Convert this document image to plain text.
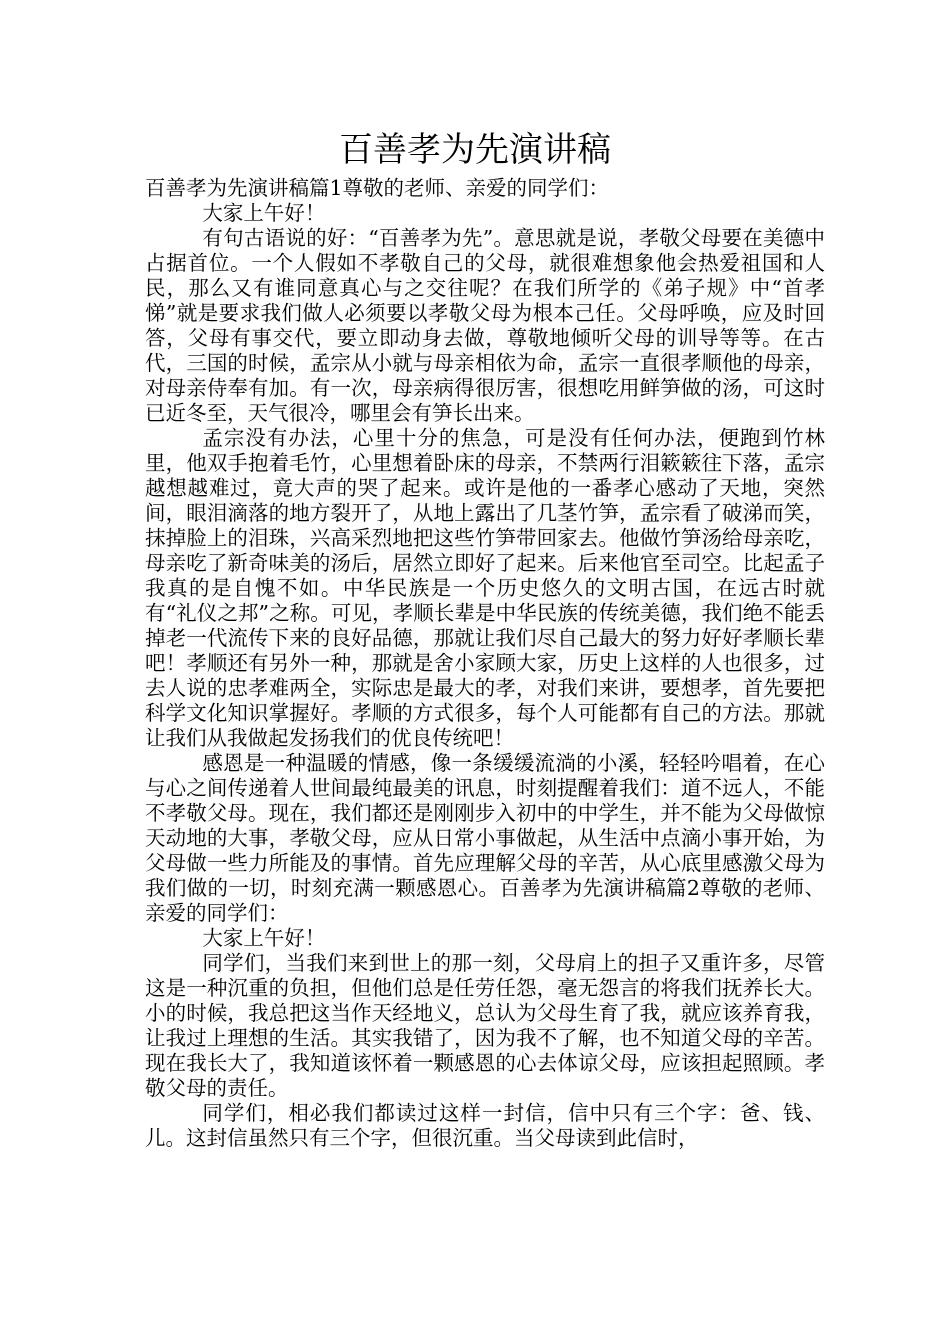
百善孝为先演讲稿

百善孝为先演讲稿篇1尊敬的老师、亲爱的同学们：

大家上午好！

有句古语说的好：“百善孝为先”。意思就是说，孝敬父母要在美德中占据首位。一个人假如不孝敬自己的父母，就很难想象他会热爱祖国和人民，那么又有谁同意真心与之交往呢？在我们所学的《弟子规》中“首孝悌”就是要求我们做人必须要以孝敬父母为根本己任。父母呼唤，应及时回答，父母有事交代，要立即动身去做，尊敬地倾听父母的训导等等。在古代，三国的时候，孟宗从小就与母亲相依为命，孟宗一直很孝顺他的母亲，对母亲侍奉有加。有一次，母亲病得很厉害，很想吃用鲜笋做的汤，可这时已近冬至，天气很冷，哪里会有笋长出来。

孟宗没有办法，心里十分的焦急，可是没有任何办法，便跑到竹林里，他双手抱着毛竹，心里想着卧床的母亲，不禁两行泪簌簌往下落，孟宗越想越难过，竟大声的哭了起来。或许是他的一番孝心感动了天地，突然间，眼泪滴落的地方裂开了，从地上露出了几茎竹笋，孟宗看了破涕而笑，抹掉脸上的泪珠，兴高采烈地把这些竹笋带回家去。他做竹笋汤给母亲吃，母亲吃了新奇味美的汤后，居然立即好了起来。后来他官至司空。比起孟子我真的是自愧不如。中华民族是一个历史悠久的文明古国，在远古时就有“礼仪之邦”之称。可见，孝顺长辈是中华民族的传统美德，我们绝不能丢掉老一代流传下来的良好品德，那就让我们尽自己最大的努力好好孝顺长辈吧！孝顺还有另外一种，那就是舍小家顾大家，历史上这样的人也很多，过去人说的忠孝难两全，实际忠是最大的孝，对我们来讲，要想孝，首先要把科学文化知识掌握好。孝顺的方式很多，每个人可能都有自己的方法。那就让我们从我做起发扬我们的优良传统吧！

感恩是一种温暖的情感，像一条缓缓流淌的小溪，轻轻吟唱着，在心与心之间传递着人世间最纯最美的讯息，时刻提醒着我们：道不远人，不能不孝敬父母。现在，我们都还是刚刚步入初中的中学生，并不能为父母做惊天动地的大事，孝敬父母，应从日常小事做起，从生活中点滴小事开始，为父母做一些力所能及的事情。首先应理解父母的辛苦，从心底里感激父母为我们做的一切，时刻充满一颗感恩心。百善孝为先演讲稿篇2尊敬的老师、亲爱的同学们：

大家上午好！

同学们，当我们来到世上的那一刻，父母肩上的担子又重许多，尽管这是一种沉重的负担，但他们总是任劳任怨，毫无怨言的将我们抚养长大。小的时候，我总把这当作天经地义，总认为父母生育了我，就应该养育我，让我过上理想的生活。其实我错了，因为我不了解，也不知道父母的辛苦。现在我长大了，我知道该怀着一颗感恩的心去体谅父母，应该担起照顾。孝敬父母的责任。

同学们，相必我们都读过这样一封信，信中只有三个字：爸、钱、儿。这封信虽然只有三个字，但很沉重。当父母读到此信时，
